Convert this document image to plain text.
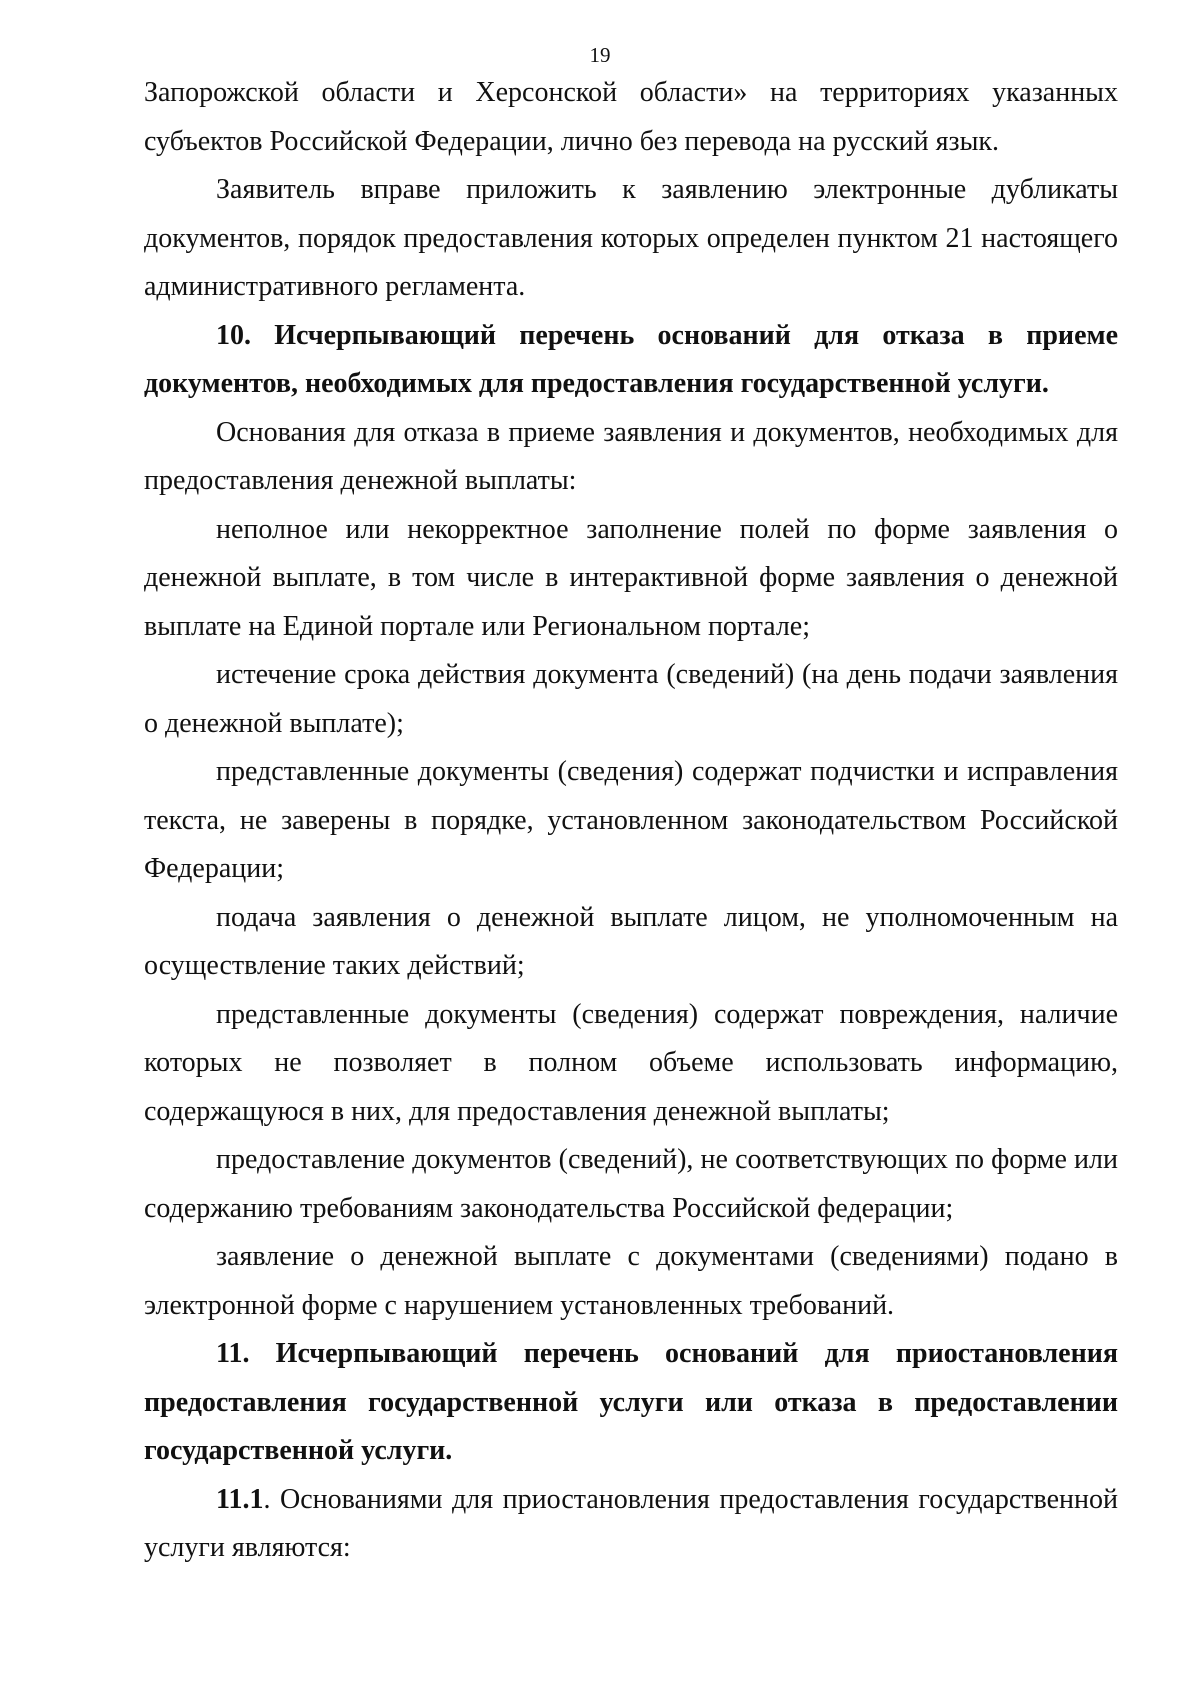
19

Запорожской области и Херсонской области» на территориях указанных субъектов Российской Федерации, лично без перевода на русский язык.

Заявитель вправе приложить к заявлению электронные дубликаты документов, порядок предоставления которых определен пунктом 21 настоящего административного регламента.

10. Исчерпывающий перечень оснований для отказа в приеме документов, необходимых для предоставления государственной услуги.

Основания для отказа в приеме заявления и документов, необходимых для предоставления денежной выплаты:

неполное или некорректное заполнение полей по форме заявления о денежной выплате, в том числе в интерактивной форме заявления о денежной выплате на Единой портале или Региональном портале;

истечение срока действия документа (сведений) (на день подачи заявления о денежной выплате);

представленные документы (сведения) содержат подчистки и исправления текста, не заверены в порядке, установленном законодательством Российской Федерации;

подача заявления о денежной выплате лицом, не уполномоченным на осуществление таких действий;

представленные документы (сведения) содержат повреждения, наличие которых не позволяет в полном объеме использовать информацию, содержащуюся в них, для предоставления денежной выплаты;

предоставление документов (сведений), не соответствующих по форме или содержанию требованиям законодательства Российской федерации;

заявление о денежной выплате с документами (сведениями) подано в электронной форме с нарушением установленных требований.

11. Исчерпывающий перечень оснований для приостановления предоставления государственной услуги или отказа в предоставлении государственной услуги.

11.1. Основаниями для приостановления предоставления государственной услуги являются:
